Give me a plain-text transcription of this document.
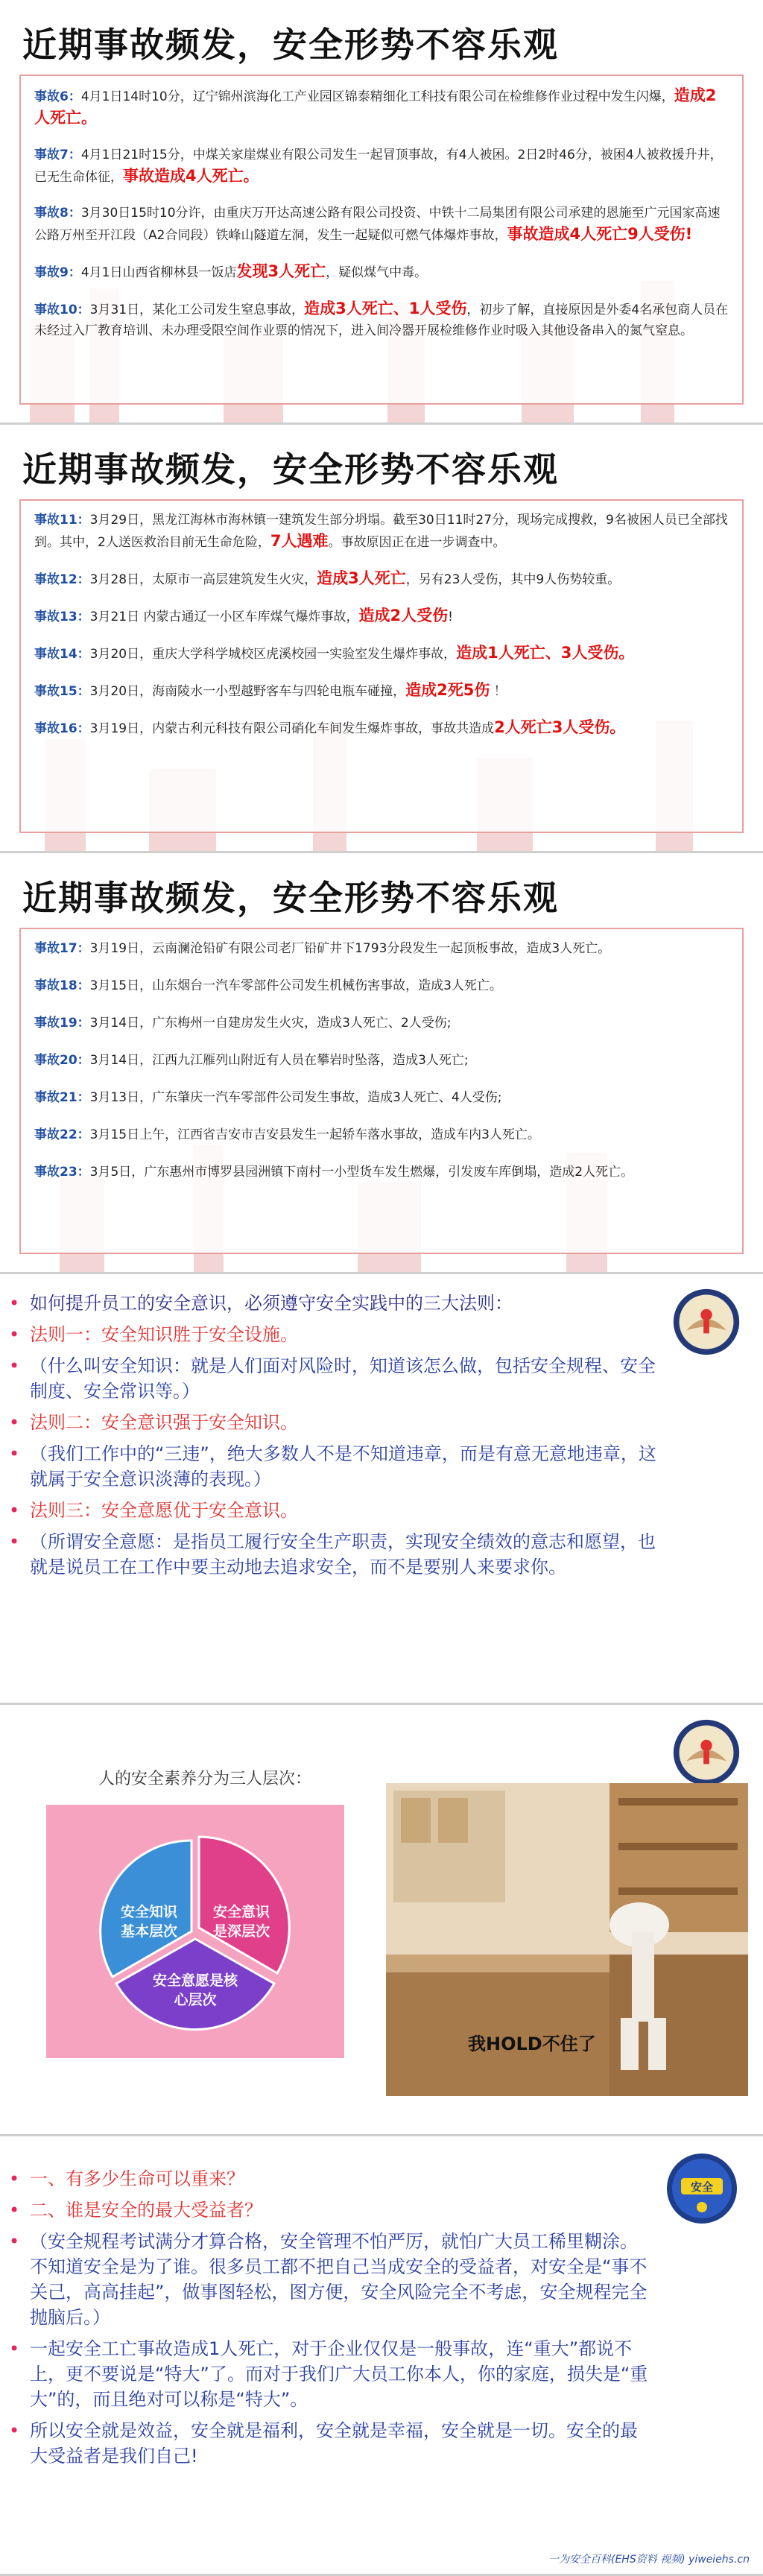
近期事故频发，安全形势不容乐观

事故6：4月1日14时10分，辽宁锦州滨海化工产业园区锦泰精细化工科技有限公司在检维修作业过程中发生闪爆，造成2人死亡。

事故7：4月1日21时15分，中煤关家崖煤业有限公司发生一起冒顶事故，有4人被困。2日2时46分，被困4人被救援升井，已无生命体征，事故造成4人死亡。

事故8：3月30日15时10分许，由重庆万开达高速公路有限公司投资、中铁十二局集团有限公司承建的恩施至广元国家高速公路万州至开江段（A2合同段）铁峰山隧道左洞，发生一起疑似可燃气体爆炸事故，事故造成4人死亡9人受伤!

事故9：4月1日山西省柳林县一饭店发现3人死亡，疑似煤气中毒。

事故10：3月31日，某化工公司发生窒息事故，造成3人死亡、1人受伤，初步了解，直接原因是外委4名承包商人员在未经过入厂教育培训、未办理受限空间作业票的情况下，进入间冷器开展检维修作业时吸入其他设备串入的氮气窒息。

近期事故频发，安全形势不容乐观

事故11：3月29日，黑龙江海林市海林镇一建筑发生部分坍塌。截至30日11时27分，现场完成搜救，9名被困人员已全部找到。其中，2人送医救治目前无生命危险，7人遇难。事故原因正在进一步调查中。

事故12：3月28日，太原市一高层建筑发生火灾，造成3人死亡，另有23人受伤，其中9人伤势较重。

事故13：3月21日 内蒙古通辽一小区车库煤气爆炸事故，造成2人受伤!

事故14：3月20日，重庆大学科学城校区虎溪校园一实验室发生爆炸事故，造成1人死亡、3人受伤。

事故15：3月20日，海南陵水一小型越野客车与四轮电瓶车碰撞，造成2死5伤 ！

事故16：3月19日，内蒙古利元科技有限公司硝化车间发生爆炸事故，事故共造成2人死亡3人受伤。

近期事故频发，安全形势不容乐观

事故17：3月19日，云南澜沧铅矿有限公司老厂铅矿井下1793分段发生一起顶板事故，造成3人死亡。

事故18：3月15日，山东烟台一汽车零部件公司发生机械伤害事故，造成3人死亡。

事故19：3月14日，广东梅州一自建房发生火灾，造成3人死亡、2人受伤;

事故20：3月14日，江西九江雁列山附近有人员在攀岩时坠落，造成3人死亡;

事故21：3月13日，广东肇庆一汽车零部件公司发生事故，造成3人死亡、4人受伤;

事故22：3月15日上午，江西省吉安市吉安县发生一起轿车落水事故，造成车内3人死亡。

事故23：3月5日，广东惠州市博罗县园洲镇下南村一小型货车发生燃爆，引发废车库倒塌，造成2人死亡。

• 如何提升员工的安全意识，必须遵守安全实践中的三大法则：
• 法则一：安全知识胜于安全设施。
• （什么叫安全知识：就是人们面对风险时，知道该怎么做，包括安全规程、安全制度、安全常识等。）
• 法则二：安全意识强于安全知识。
• （我们工作中的“三违”，绝大多数人不是不知道违章，而是有意无意地违章，这就属于安全意识淡薄的表现。）
• 法则三：安全意愿优于安全意识。
• （所谓安全意愿：是指员工履行安全生产职责，实现安全绩效的意志和愿望，也就是说员工在工作中要主动地去追求安全，而不是要别人来要求你。
人的安全素养分为三人层次：
安全知识
基本层次
安全意识
是深层次
安全意愿是核
心层次
我HOLD不住了
安全
• 一、有多少生命可以重来？
• 二、谁是安全的最大受益者？
• （安全规程考试满分才算合格，安全管理不怕严厉，就怕广大员工稀里糊涂。不知道安全是为了谁。很多员工都不把自己当成安全的受益者，对安全是“事不关己，高高挂起”，做事图轻松，图方便，安全风险完全不考虑，安全规程完全抛脑后。）
• 一起安全工亡事故造成1人死亡，对于企业仅仅是一般事故，连“重大”都说不上，更不要说是“特大”了。而对于我们广大员工你本人，你的家庭，损失是“重大”的，而且绝对可以称是“特大”。
• 所以安全就是效益，安全就是福利，安全就是幸福，安全就是一切。安全的最大受益者是我们自己!
一为安全百科(EHS资料 视频) yiweiehs.cn
